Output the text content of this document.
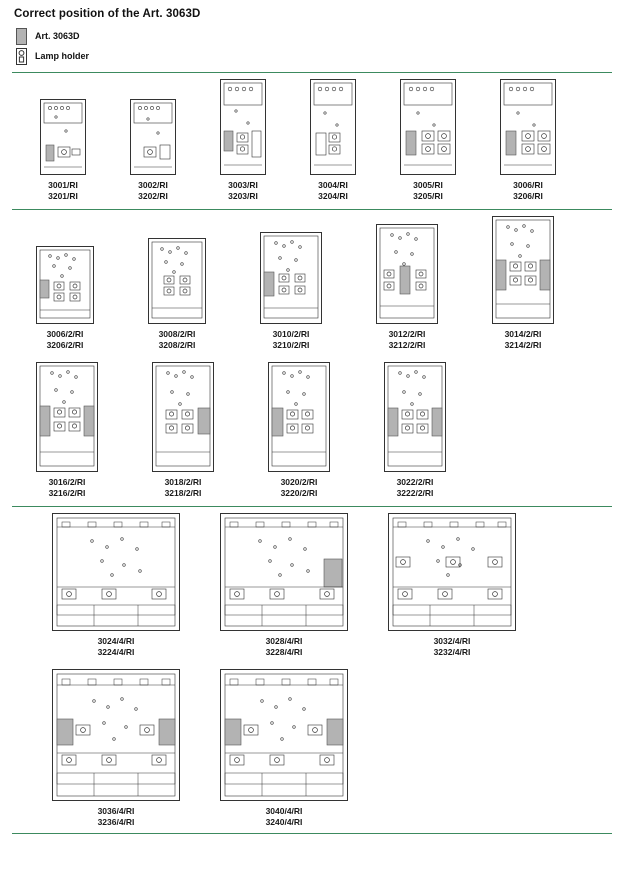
Correct position of the Art. 3063D
Art. 3063D
Lamp holder
3001/RI
3201/RI
3002/RI
3202/RI
3003/RI
3203/RI
3004/RI
3204/RI
3005/RI
3205/RI
3006/RI
3206/RI
3006/2/RI
3206/2/RI
3008/2/RI
3208/2/RI
3010/2/RI
3210/2/RI
3012/2/RI
3212/2/RI
3014/2/RI
3214/2/RI
3016/2/RI
3216/2/RI
3018/2/RI
3218/2/RI
3020/2/RI
3220/2/RI
3022/2/RI
3222/2/RI
3024/4/RI
3224/4/RI
3028/4/RI
3228/4/RI
3032/4/RI
3232/4/RI
3036/4/RI
3236/4/RI
3040/4/RI
3240/4/RI
